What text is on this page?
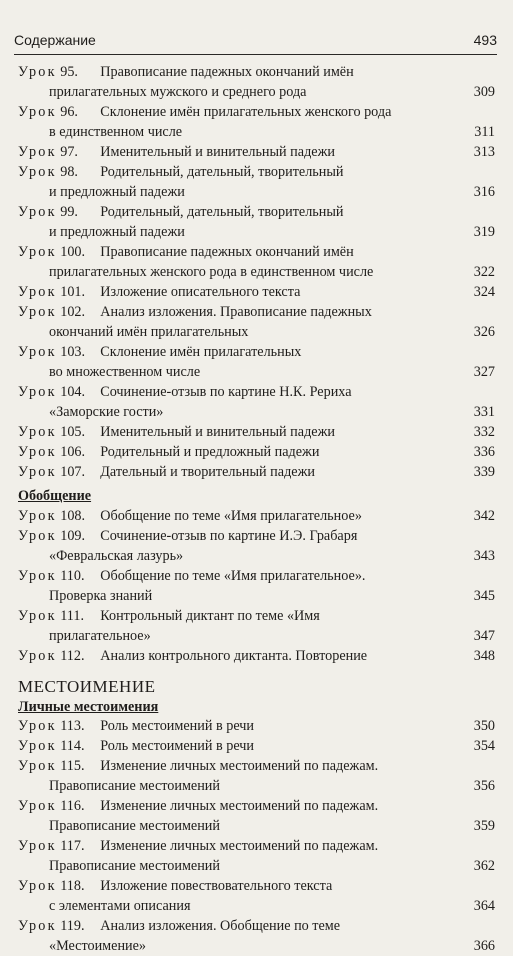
Содержание	493
Урок 95. Правописание падежных окончаний имён
прилагательных мужского и среднего рода	309
Урок 96. Склонение имён прилагательных женского рода
в единственном числе	311
Урок 97. Именительный и винительный падежи	313
Урок 98. Родительный, дательный, творительный
и предложный падежи	316
Урок 99. Родительный, дательный, творительный
и предложный падежи	319
Урок 100. Правописание падежных окончаний имён
прилагательных женского рода в единственном числе	322
Урок 101. Изложение описательного текста	324
Урок 102. Анализ изложения. Правописание падежных
окончаний имён прилагательных	326
Урок 103. Склонение имён прилагательных
во множественном числе	327
Урок 104. Сочинение-отзыв по картине Н.К. Рериха
«Заморские гости»	331
Урок 105. Именительный и винительный падежи	332
Урок 106. Родительный и предложный падежи	336
Урок 107. Дательный и творительный падежи	339
Обобщение
Урок 108. Обобщение по теме «Имя прилагательное»	342
Урок 109. Сочинение-отзыв по картине И.Э. Грабаря
«Февральская лазурь»	343
Урок 110. Обобщение по теме «Имя прилагательное».
Проверка знаний	345
Урок 111. Контрольный диктант по теме «Имя
прилагательное»	347
Урок 112. Анализ контрольного диктанта. Повторение	348
МЕСТОИМЕНИЕ
Личные местоимения
Урок 113. Роль местоимений в речи	350
Урок 114. Роль местоимений в речи	354
Урок 115. Изменение личных местоимений по падежам.
Правописание местоимений	356
Урок 116. Изменение личных местоимений по падежам.
Правописание местоимений	359
Урок 117. Изменение личных местоимений по падежам.
Правописание местоимений	362
Урок 118. Изложение повествовательного текста
с элементами описания	364
Урок 119. Анализ изложения. Обобщение по теме
«Местоимение»	366
